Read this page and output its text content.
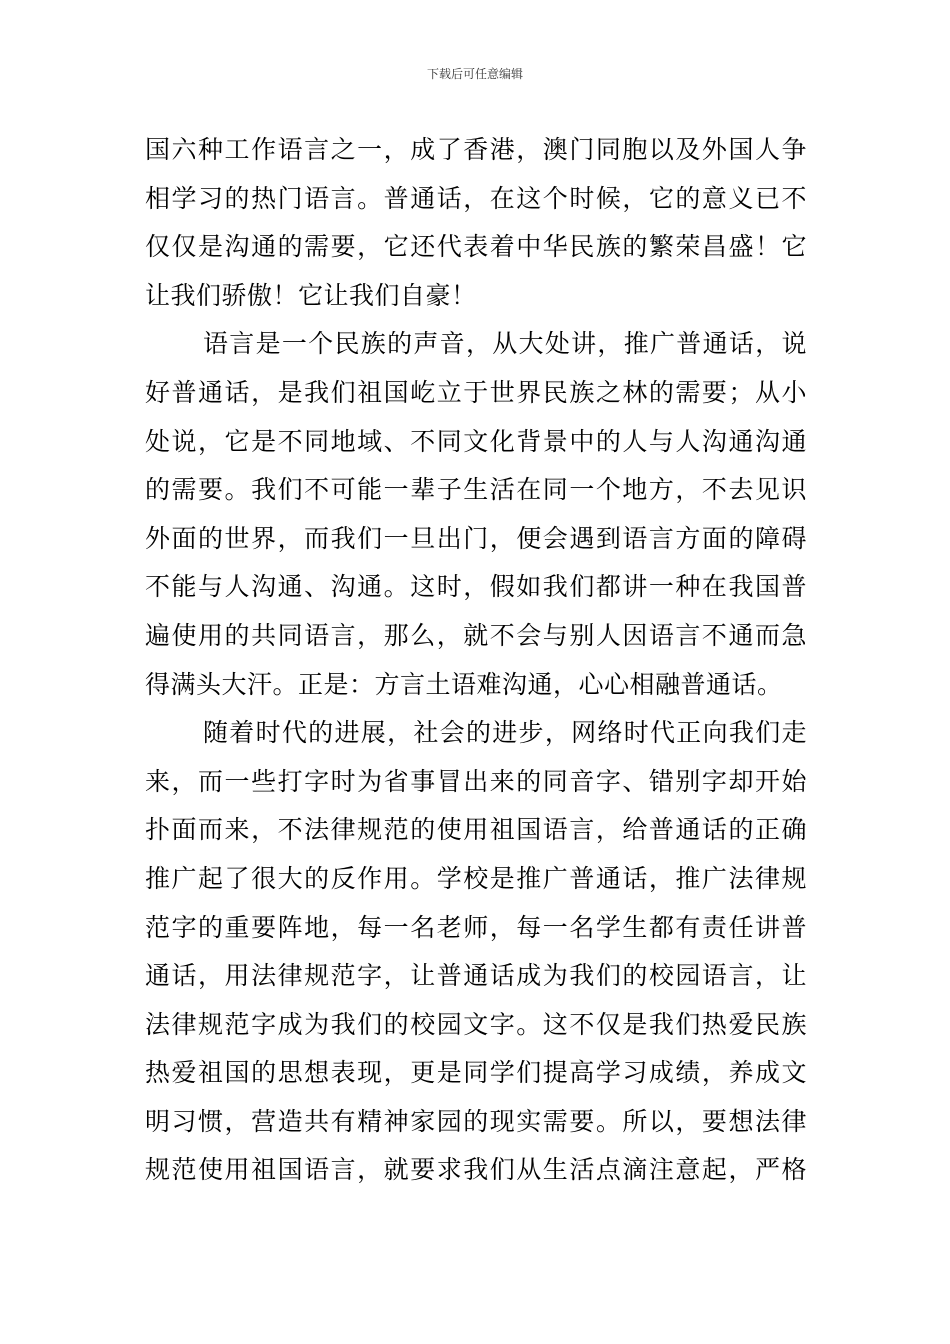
下载后可任意编辑
国六种工作语言之一，成了香港，澳门同胞以及外国人争
相学习的热门语言。普通话，在这个时候，它的意义已不
仅仅是沟通的需要，它还代表着中华民族的繁荣昌盛！它
让我们骄傲！它让我们自豪！
语言是一个民族的声音，从大处讲，推广普通话，说
好普通话，是我们祖国屹立于世界民族之林的需要；从小
处说，它是不同地域、不同文化背景中的人与人沟通沟通
的需要。我们不可能一辈子生活在同一个地方，不去见识
外面的世界，而我们一旦出门，便会遇到语言方面的障碍
不能与人沟通、沟通。这时，假如我们都讲一种在我国普
遍使用的共同语言，那么，就不会与别人因语言不通而急
得满头大汗。正是：方言土语难沟通，心心相融普通话。
随着时代的进展，社会的进步，网络时代正向我们走
来，而一些打字时为省事冒出来的同音字、错别字却开始
扑面而来，不法律规范的使用祖国语言，给普通话的正确
推广起了很大的反作用。学校是推广普通话，推广法律规
范字的重要阵地，每一名老师，每一名学生都有责任讲普
通话，用法律规范字，让普通话成为我们的校园语言，让
法律规范字成为我们的校园文字。这不仅是我们热爱民族
热爱祖国的思想表现，更是同学们提高学习成绩，养成文
明习惯，营造共有精神家园的现实需要。所以，要想法律
规范使用祖国语言，就要求我们从生活点滴注意起，严格
